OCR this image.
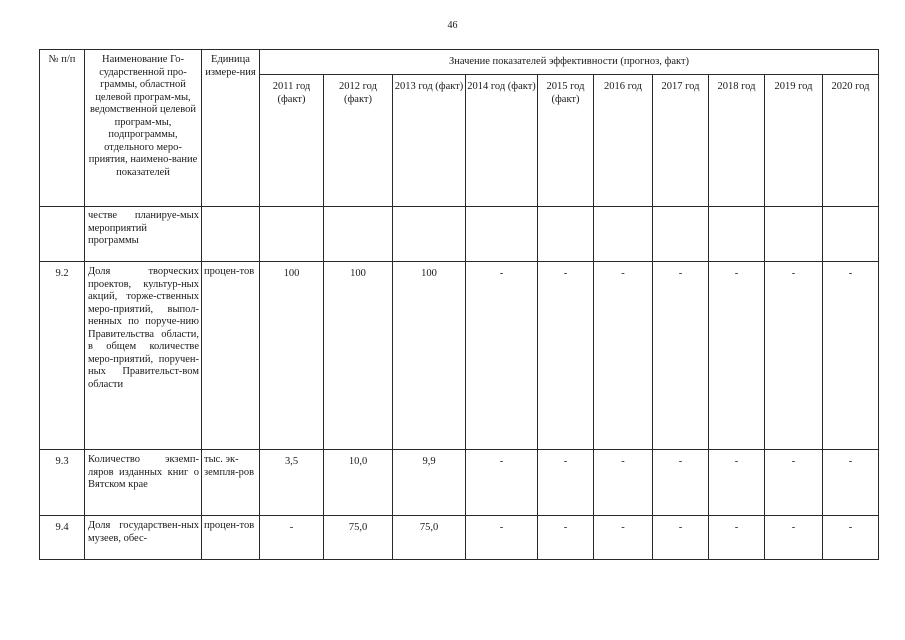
46
№ п/п	Наименование Го-сударственной про-граммы, областной целевой програм-мы, ведомственной целевой програм-мы, подпрограммы, отдельного меро-приятия, наимено-вание показателей	Единица измере-ния	Значение показателей эффективности (прогноз, факт)									
			2011 год (факт)	2012 год (факт)	2013 год (факт)	2014 год (факт)	2015 год (факт)	2016 год	2017 год	2018 год	2019 год	2020 год
	честве планируе-мых мероприятий программы											
9.2	Доля творческих проектов, культур-ных акций, торже-ственных меро-приятий, выпол-ненных по поруче-нию Правительства области, в общем количестве меро-приятий, поручен-ных Правительст-вом области	процен-тов	100	100	100	-	-	-	-	-	-	-
9.3	Количество экземп-ляров изданных книг о Вятском крае	тыс. эк-земпля-ров	3,5	10,0	9,9	-	-	-	-	-	-	-
9.4	Доля государствен-ных музеев, обес-	процен-тов	-	75,0	75,0	-	-	-	-	-	-	-
